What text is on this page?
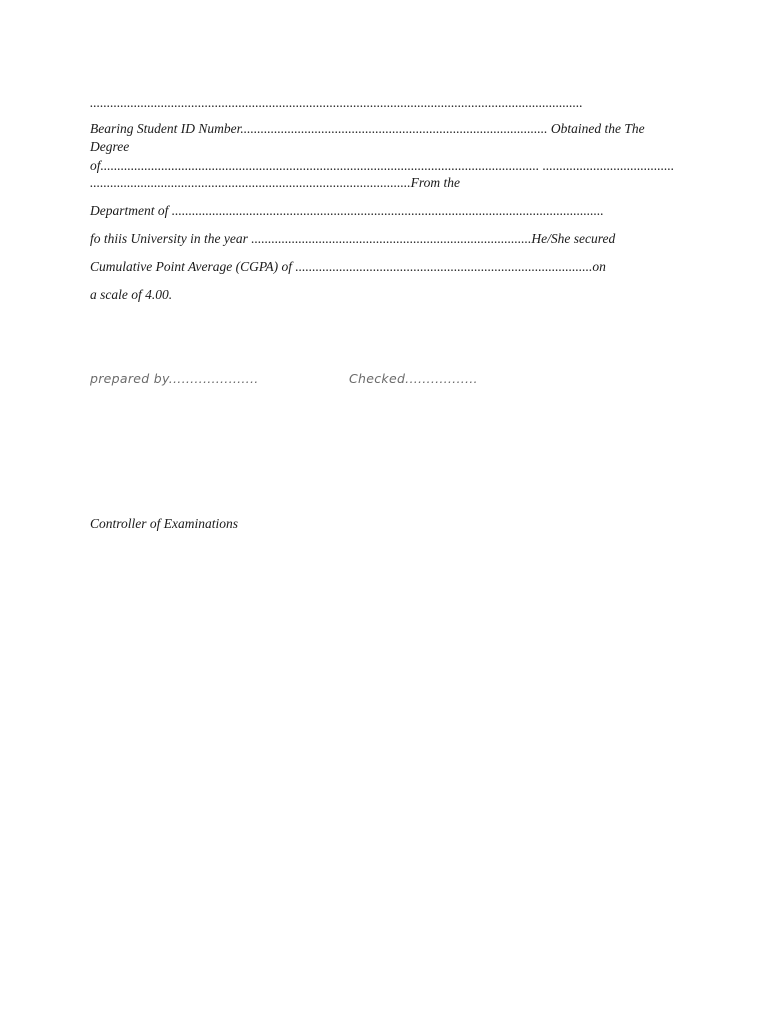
..................................................................................................................................................
Bearing Student ID Number........................................................................................... Obtained the The
Degree
of.................................................................................................................................. .......................................
...............................................................................................From the
Department of ................................................................................................................................
fo thiis University in the year ...................................................................................He/She secured
Cumulative Point Average (CGPA) of ........................................................................................on
a scale of 4.00.
prepared by.....................	Checked.................
Controller of Examinations
